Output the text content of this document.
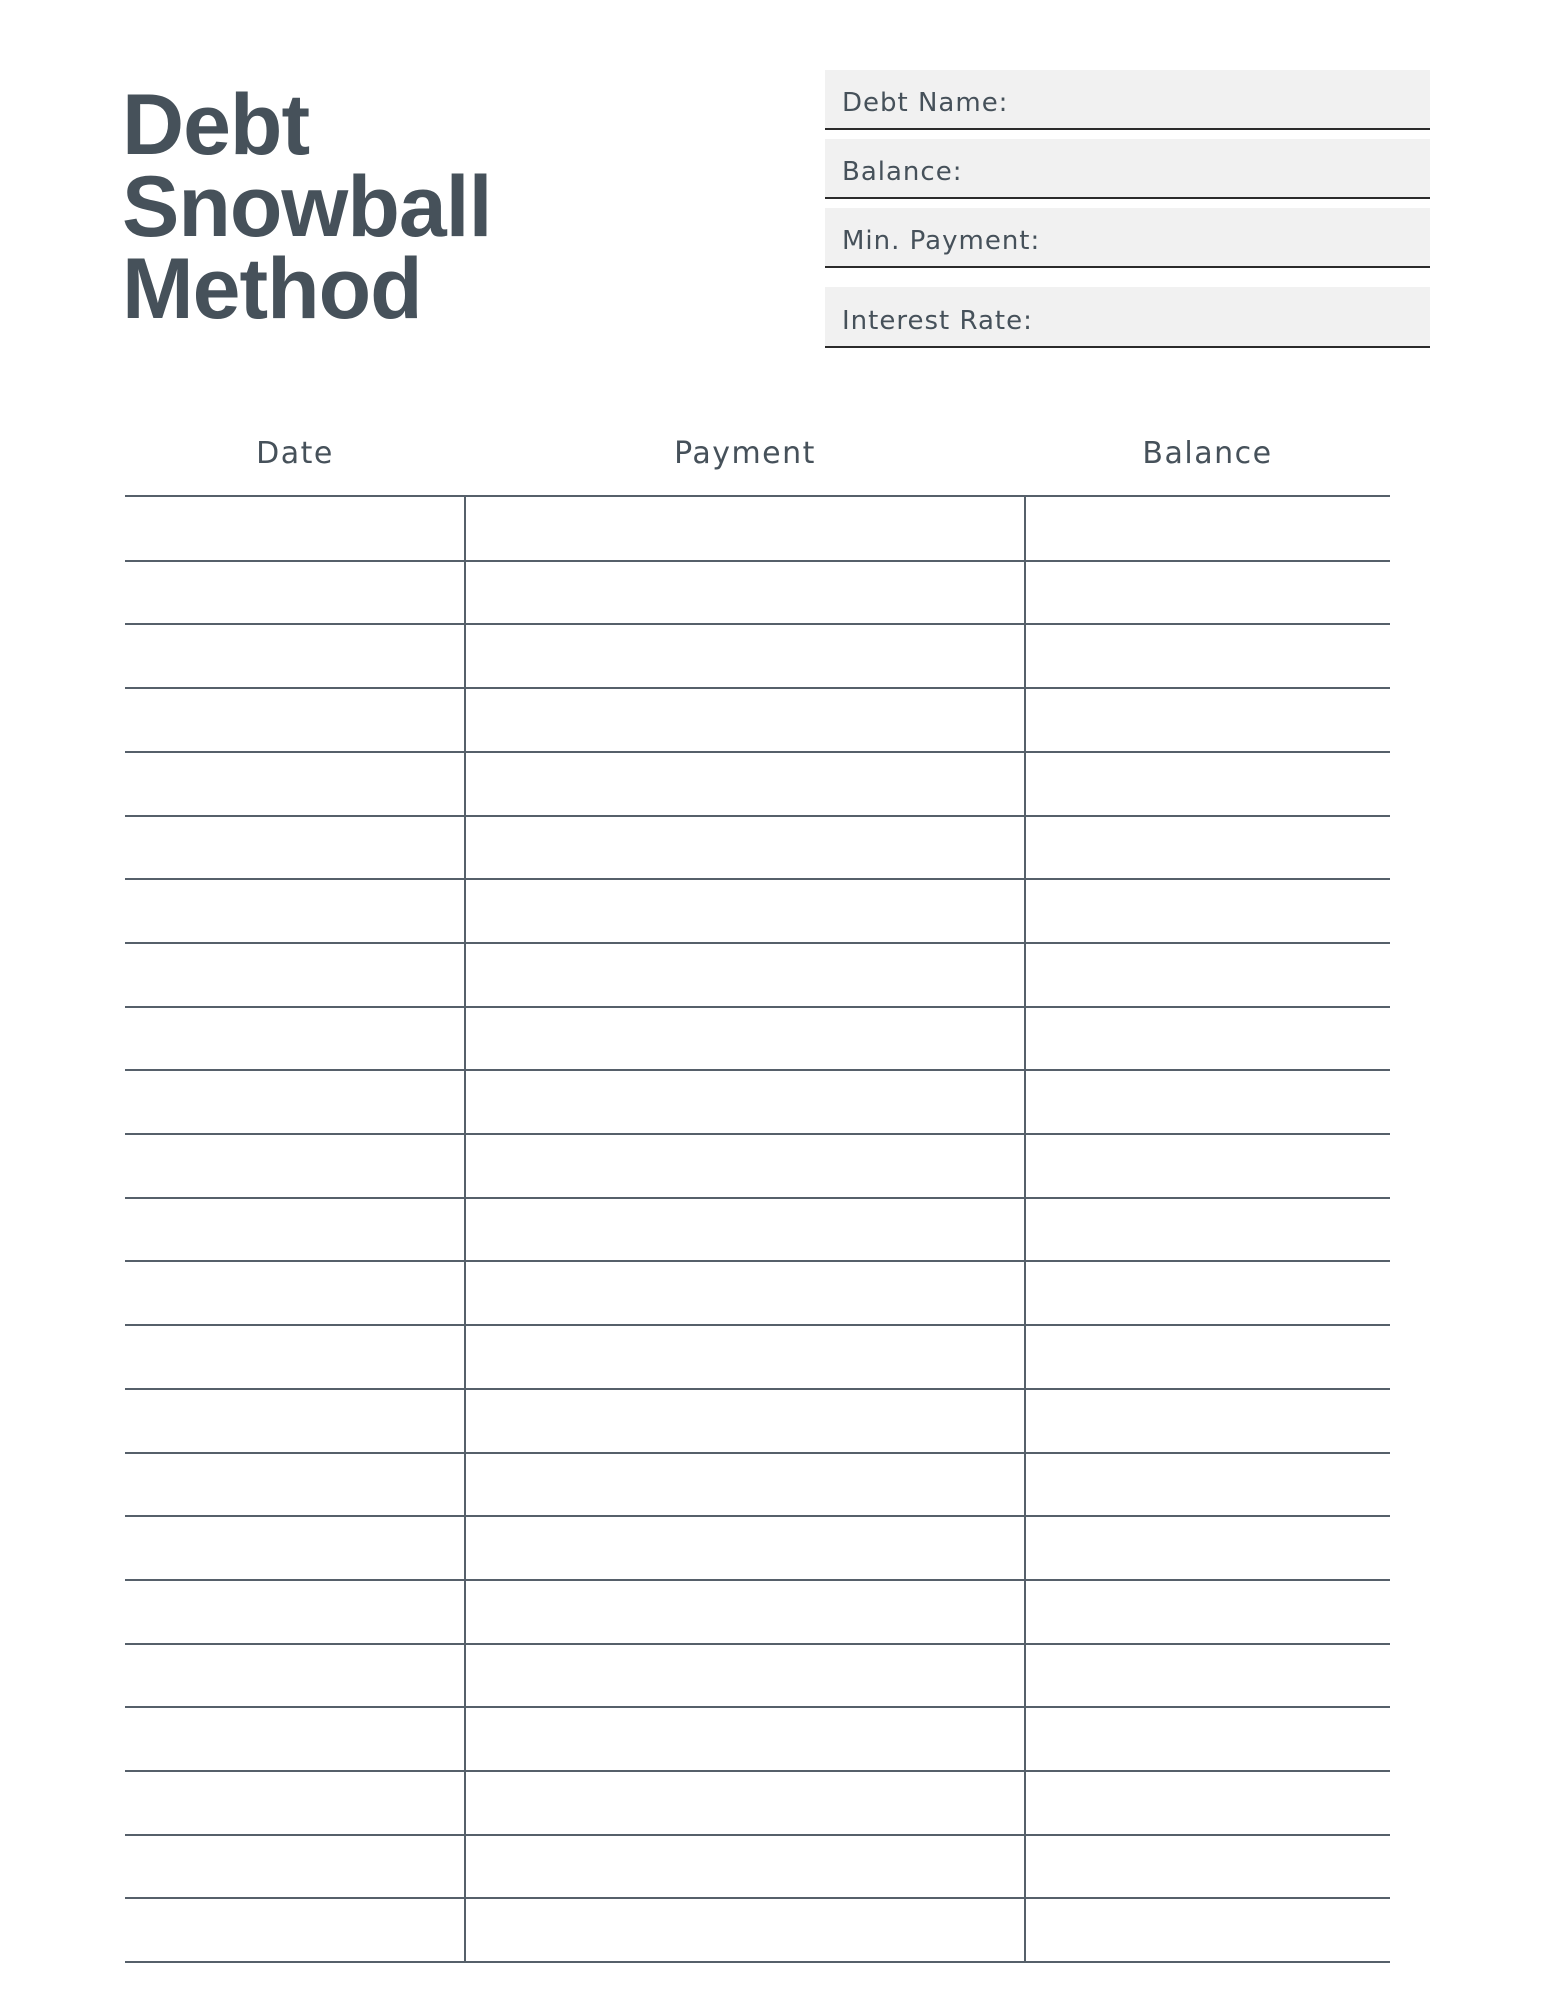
Debt
Snowball
Method
Debt Name:
Balance:
Min. Payment:
Interest Rate:
Date	Payment	Balance
